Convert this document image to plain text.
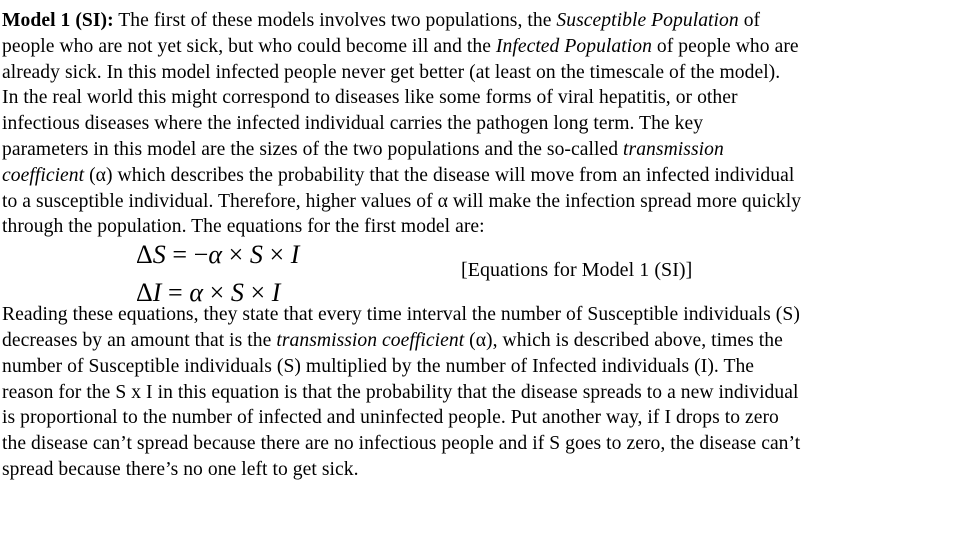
Model 1 (SI): The first of these models involves two populations, the Susceptible Population of
people who are not yet sick, but who could become ill and the Infected Population of people who are
already sick. In this model infected people never get better (at least on the timescale of the model).
In the real world this might correspond to diseases like some forms of viral hepatitis, or other
infectious diseases where the infected individual carries the pathogen long term. The key
parameters in this model are the sizes of the two populations and the so-called transmission
coefficient (α) which describes the probability that the disease will move from an infected individual
to a susceptible individual. Therefore, higher values of α will make the infection spread more quickly
through the population. The equations for the first model are:
ΔS = −α × S × I
[Equations for Model 1 (SI)]
ΔI = α × S × I
Reading these equations, they state that every time interval the number of Susceptible individuals (S)
decreases by an amount that is the transmission coefficient (α), which is described above, times the
number of Susceptible individuals (S) multiplied by the number of Infected individuals (I). The
reason for the S x I in this equation is that the probability that the disease spreads to a new individual
is proportional to the number of infected and uninfected people. Put another way, if I drops to zero
the disease can’t spread because there are no infectious people and if S goes to zero, the disease can’t
spread because there’s no one left to get sick.
